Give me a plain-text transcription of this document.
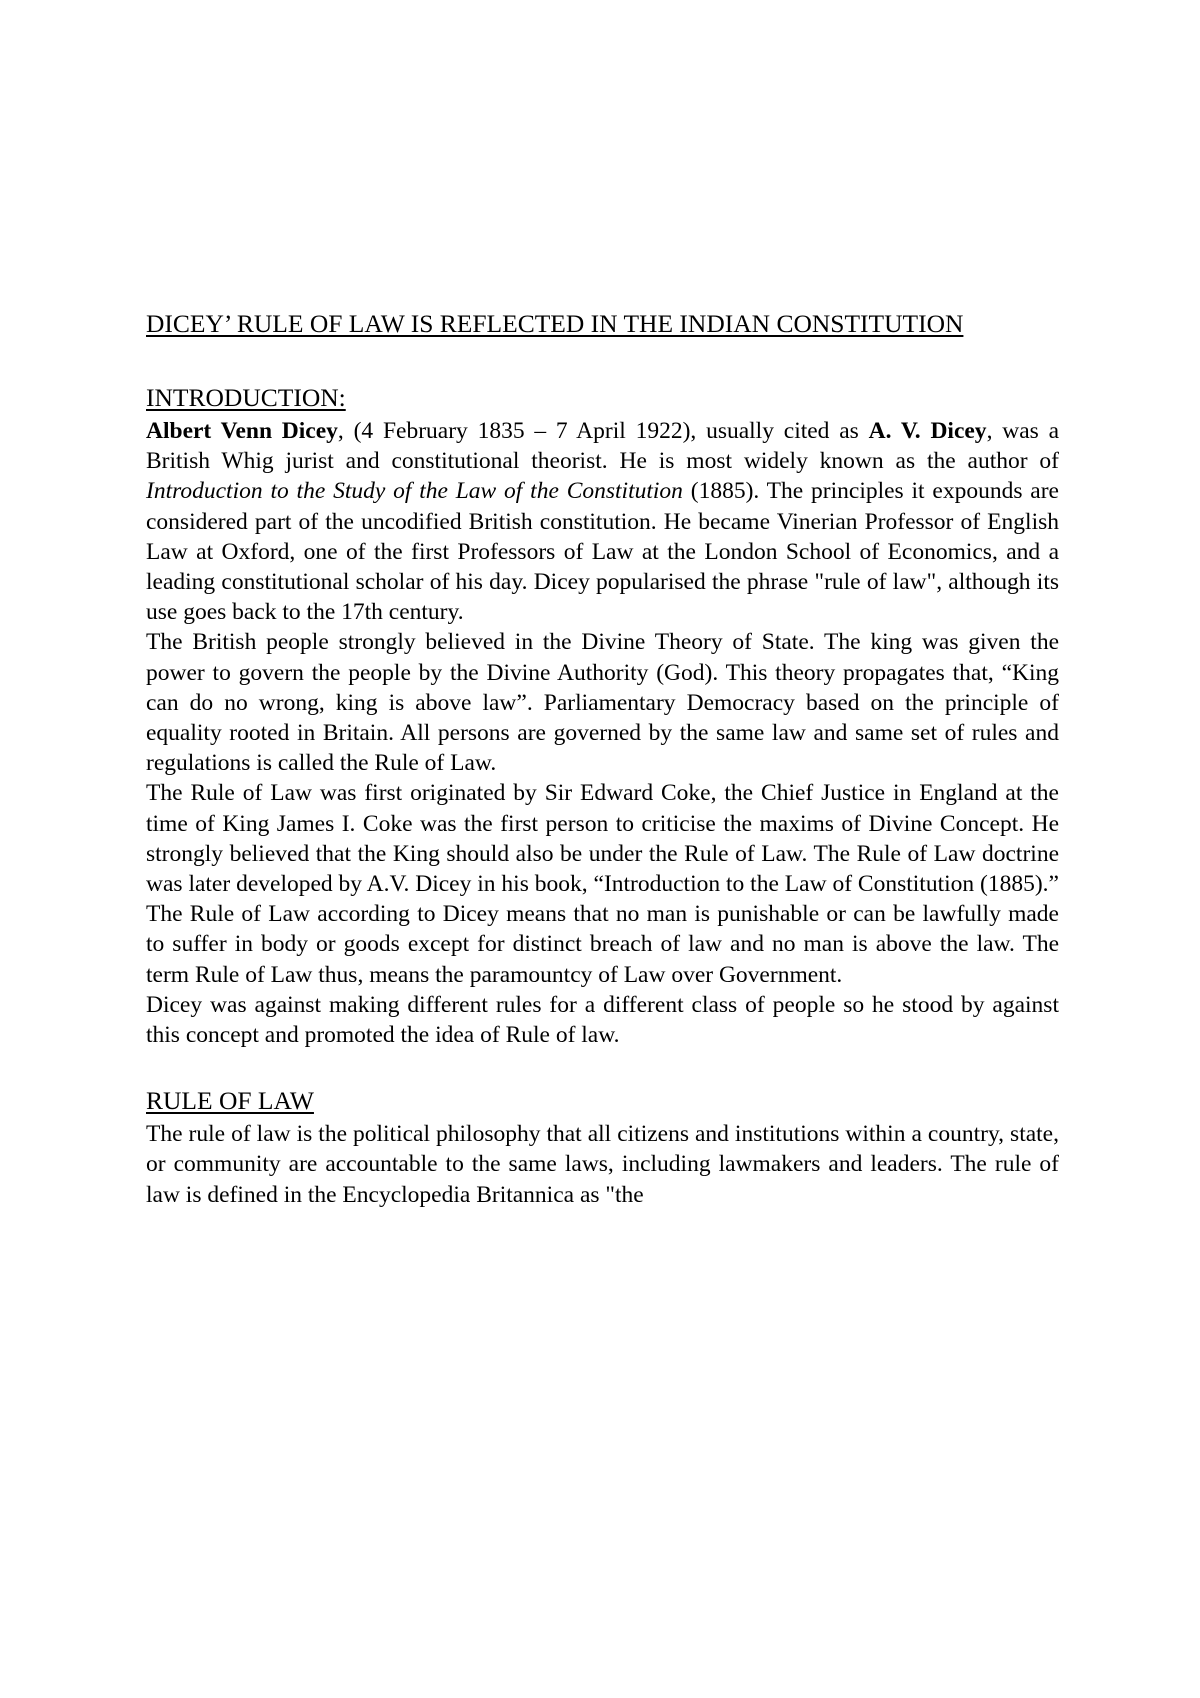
DICEY’ RULE OF LAW IS REFLECTED IN THE INDIAN CONSTITUTION
INTRODUCTION:

Albert Venn Dicey, (4 February 1835 – 7 April 1922), usually cited as A. V. Dicey, was a British Whig jurist and constitutional theorist. He is most widely known as the author of Introduction to the Study of the Law of the Constitution (1885). The principles it expounds are considered part of the uncodified British constitution. He became Vinerian Professor of English Law at Oxford, one of the first Professors of Law at the London School of Economics, and a leading constitutional scholar of his day. Dicey popularised the phrase "rule of law", although its use goes back to the 17th century.

The British people strongly believed in the Divine Theory of State. The king was given the power to govern the people by the Divine Authority (God). This theory propagates that, “King can do no wrong, king is above law”. Parliamentary Democracy based on the principle of equality rooted in Britain. All persons are governed by the same law and same set of rules and regulations is called the Rule of Law.

The Rule of Law was first originated by Sir Edward Coke, the Chief Justice in England at the time of King James I. Coke was the first person to criticise the maxims of Divine Concept. He strongly believed that the King should also be under the Rule of Law. The Rule of Law doctrine was later developed by A.V. Dicey in his book, “Introduction to the Law of Constitution (1885).” The Rule of Law according to Dicey means that no man is punishable or can be lawfully made to suffer in body or goods except for distinct breach of law and no man is above the law. The term Rule of Law thus, means the paramountcy of Law over Government.

Dicey was against making different rules for a different class of people so he stood by against this concept and promoted the idea of Rule of law.

RULE OF LAW

The rule of law is the political philosophy that all citizens and institutions within a country, state, or community are accountable to the same laws, including lawmakers and leaders. The rule of law is defined in the Encyclopedia Britannica as "the
